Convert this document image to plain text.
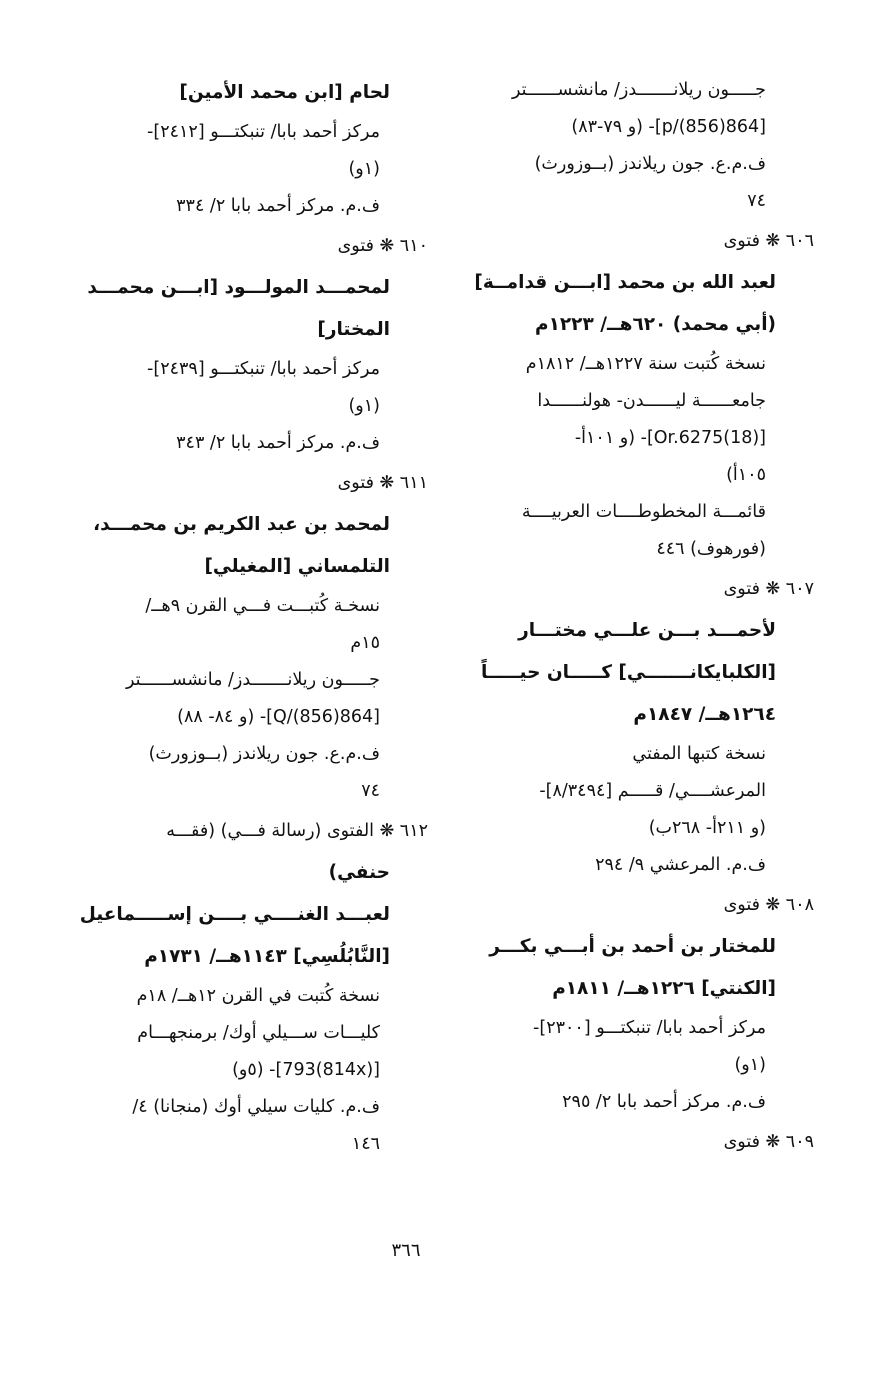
جـــــون ريلانـــــــدز/ مانشســــــتر
[864(856)/p]- (و ٧٩-٨٣)
ف.م.ع. جون ريلاندز (بــوزورث)
٧٤
٦٠٦ ❋ فتوى
لعبد الله بن محمد [ابـــن قدامــة]
(أبي محمد) ٦٢٠هــ/ ١٢٢٣م
نسخة كُتبت سنة ١٢٢٧هــ/ ١٨١٢م
جامعــــــة ليــــــدن- هولنــــــدا
[Or.6275(18)]- (و ١٠١أ-
١٠٥أ)
قائمـــة المخطوطــــات العربيــــة
(فورهوف) ٤٤٦
٦٠٧ ❋ فتوى
لأحمـــد بـــن علـــي مختـــار
[الكلبايكانـــــــي] كـــــان حيـــــاً
١٢٦٤هــ/ ١٨٤٧م
نسخة كتبها المفتي
المرعشــــي/ قـــــم [٨/٣٤٩٤]-
(و ٢١١أ- ٢٦٨ب)
ف.م. المرعشي ٩/ ٢٩٤
٦٠٨ ❋ فتوى
للمختار بن أحمد بن أبـــي بكـــر
[الكنتي] ١٢٢٦هــ/ ١٨١١م
مركز أحمد بابا/ تنبكتـــو [٢٣٠٠]-
(١و)
ف.م. مركز أحمد بابا ٢/ ٢٩٥
٦٠٩ ❋ فتوى
لحام [ابن محمد الأمين]
مركز أحمد بابا/ تنبكتـــو [٢٤١٢]-
(١و)
ف.م. مركز أحمد بابا ٢/ ٣٣٤
٦١٠ ❋ فتوى
لمحمـــد المولـــود [ابـــن محمـــد
المختار]
مركز أحمد بابا/ تنبكتـــو [٢٤٣٩]-
(١و)
ف.م. مركز أحمد بابا ٢/ ٣٤٣
٦١١ ❋ فتوى
لمحمد بن عبد الكريم بن محمـــد،
التلمساني [المغيلي]
نسخـة كُتبـــت فـــي القرن ٩هــ/
١٥م
جـــــون ريلانـــــــدز/ مانشســــــتر
[864(856)/Q]- (و ٨٤- ٨٨)
ف.م.ع. جون ريلاندز (بــوزورث)
٧٤
٦١٢ ❋ الفتوى (رسالة فـــي) (فقـــه
حنفي)
لعبـــد الغنــــي بــــن إســـــماعيل
[النَّابُلُسِي] ١١٤٣هــ/ ١٧٣١م
نسخة كُتبت في القرن ١٢هــ/ ١٨م
كليـــات ســـيلي أوك/ برمنجهـــام
[(814x)793]- (٥و)
ف.م. كليات سيلي أوك (منجانا) ٤/
١٤٦
٣٦٦
